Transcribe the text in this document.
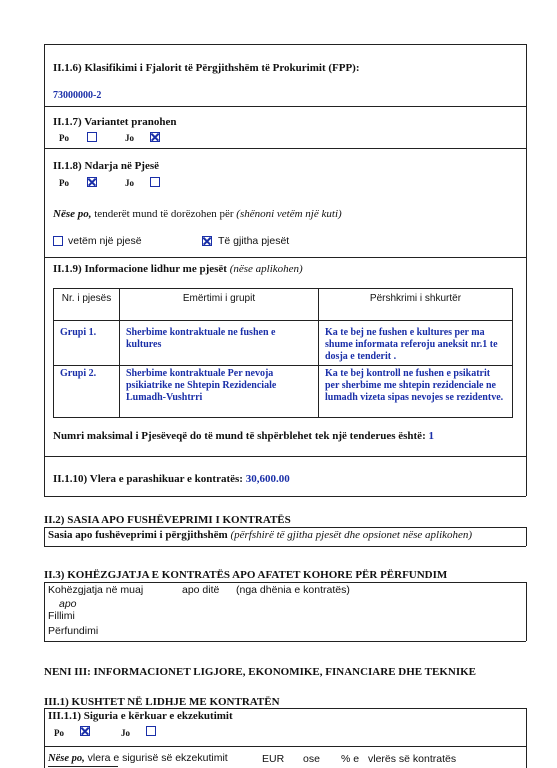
II.1.6) Klasifikimi i Fjalorit të Përgjithshëm të Prokurimit (FPP):
73000000-2
II.1.7) Variantet pranohen
Po	Jo
II.1.8) Ndarja në Pjesë
Po	Jo
Nëse po, tenderët mund të dorëzohen për (shënoni vetëm një kuti)
vetëm një pjesë	Të gjitha pjesët
II.1.9) Informacione lidhur me pjesët (nëse aplikohen)
Nr. i pjesës	Emërtimi i grupit	Përshkrimi i shkurtër
Grupi 1.	Sherbime kontraktuale ne fushen e kultures	Ka te bej ne fushen e kultures per ma shume informata referoju aneksit nr.1 te dosja e tenderit .
Grupi 2.	Sherbime kontraktuale Per nevoja psikiatrike ne Shtepin Rezidenciale Lumadh-Vushtrri	Ka te bej kontroll ne fushen e psikatrit per sherbime me shtepin rezidenciale ne lumadh vizeta sipas nevojes se rezidentve.
Numri maksimal i Pjesëveqë do të mund të shpërblehet tek një tenderues është: 1
II.1.10) Vlera e parashikuar e kontratës: 30,600.00
II.2) SASIA APO FUSHËVEPRIMI I KONTRATËS
Sasia apo fushëveprimi i përgjithshëm (përfshirë të gjitha pjesët dhe opsionet nëse aplikohen)
II.3) KOHËZGJATJA E KONTRATËS APO AFATET KOHORE PËR PËRFUNDIM
Kohëzgjatja në muaj	apo ditë (nga dhënia e kontratës)
apo
Fillimi
Përfundimi
NENI III: INFORMACIONET LIGJORE, EKONOMIKE, FINANCIARE DHE TEKNIKE
III.1) KUSHTET NË LIDHJE ME KONTRATËN
III.1.1) Siguria e kërkuar e ekzekutimit
Po	Jo
Nëse po, vlera e sigurisë së ekzekutimit	EUR ose % e vlerës së kontratës
